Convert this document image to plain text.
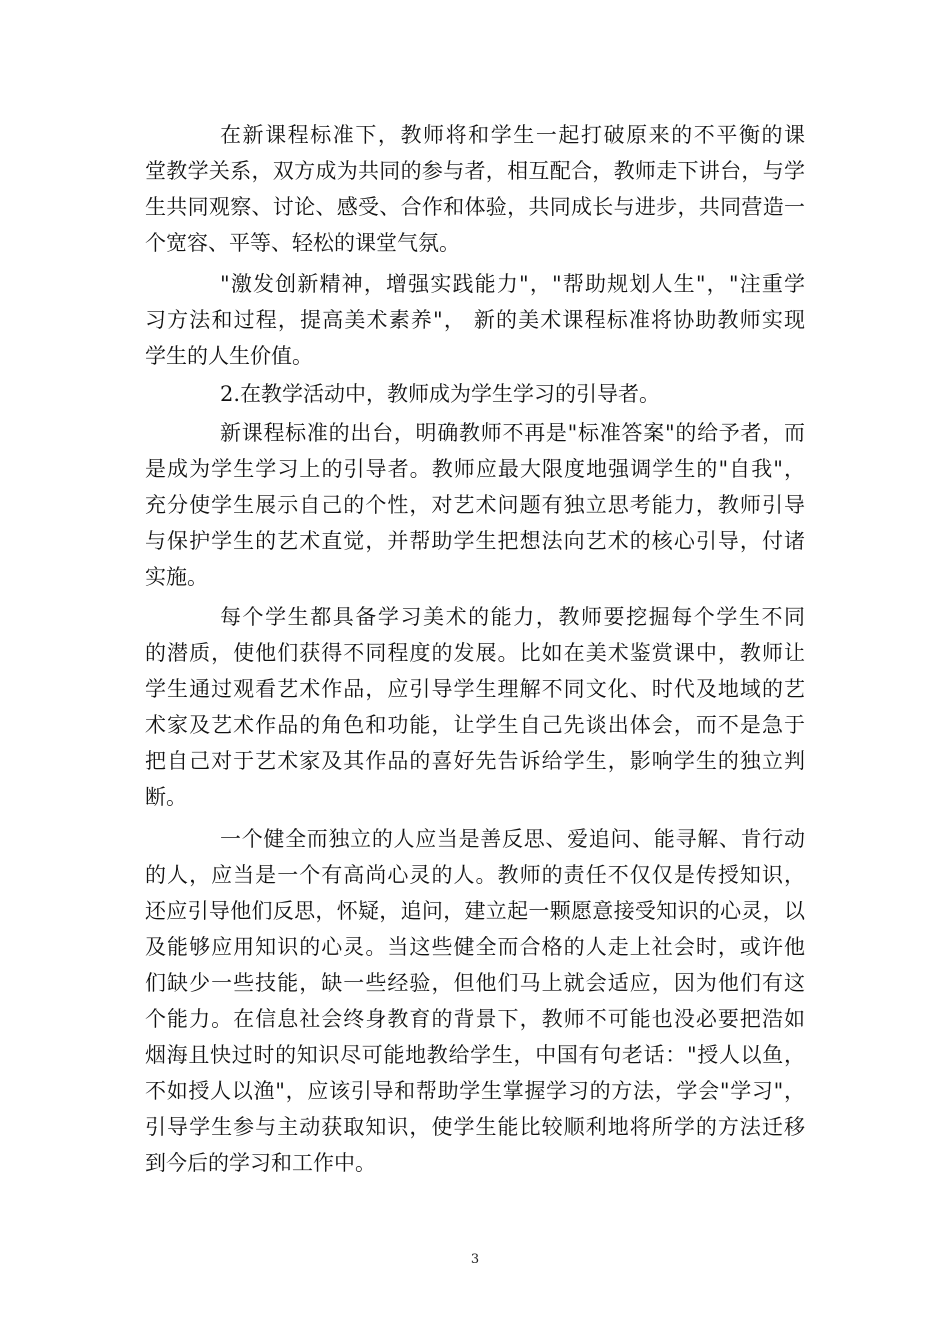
在新课程标准下，教师将和学生一起打破原来的不平衡的课
堂教学关系，双方成为共同的参与者，相互配合，教师走下讲台，与学
生共同观察、讨论、感受、合作和体验，共同成长与进步，共同营造一
个宽容、平等、轻松的课堂气氛。
"激发创新精神，增强实践能力"，"帮助规划人生"，"注重学
习方法和过程，提高美术素养"， 新的美术课程标准将协助教师实现
学生的人生价值。
2.在教学活动中，教师成为学生学习的引导者。
新课程标准的出台，明确教师不再是"标准答案"的给予者，而
是成为学生学习上的引导者。教师应最大限度地强调学生的"自我"，
充分使学生展示自己的个性，对艺术问题有独立思考能力，教师引导
与保护学生的艺术直觉，并帮助学生把想法向艺术的核心引导，付诸
实施。
每个学生都具备学习美术的能力，教师要挖掘每个学生不同
的潜质，使他们获得不同程度的发展。比如在美术鉴赏课中，教师让
学生通过观看艺术作品，应引导学生理解不同文化、时代及地域的艺
术家及艺术作品的角色和功能，让学生自己先谈出体会，而不是急于
把自己对于艺术家及其作品的喜好先告诉给学生，影响学生的独立判
断。
一个健全而独立的人应当是善反思、爱追问、能寻解、肯行动
的人，应当是一个有高尚心灵的人。教师的责任不仅仅是传授知识，
还应引导他们反思，怀疑，追问，建立起一颗愿意接受知识的心灵，以
及能够应用知识的心灵。当这些健全而合格的人走上社会时，或许他
们缺少一些技能，缺一些经验，但他们马上就会适应，因为他们有这
个能力。在信息社会终身教育的背景下，教师不可能也没必要把浩如
烟海且快过时的知识尽可能地教给学生，中国有句老话："授人以鱼，
不如授人以渔"，应该引导和帮助学生掌握学习的方法，学会"学习"，
引导学生参与主动获取知识，使学生能比较顺利地将所学的方法迁移
到今后的学习和工作中。
3
